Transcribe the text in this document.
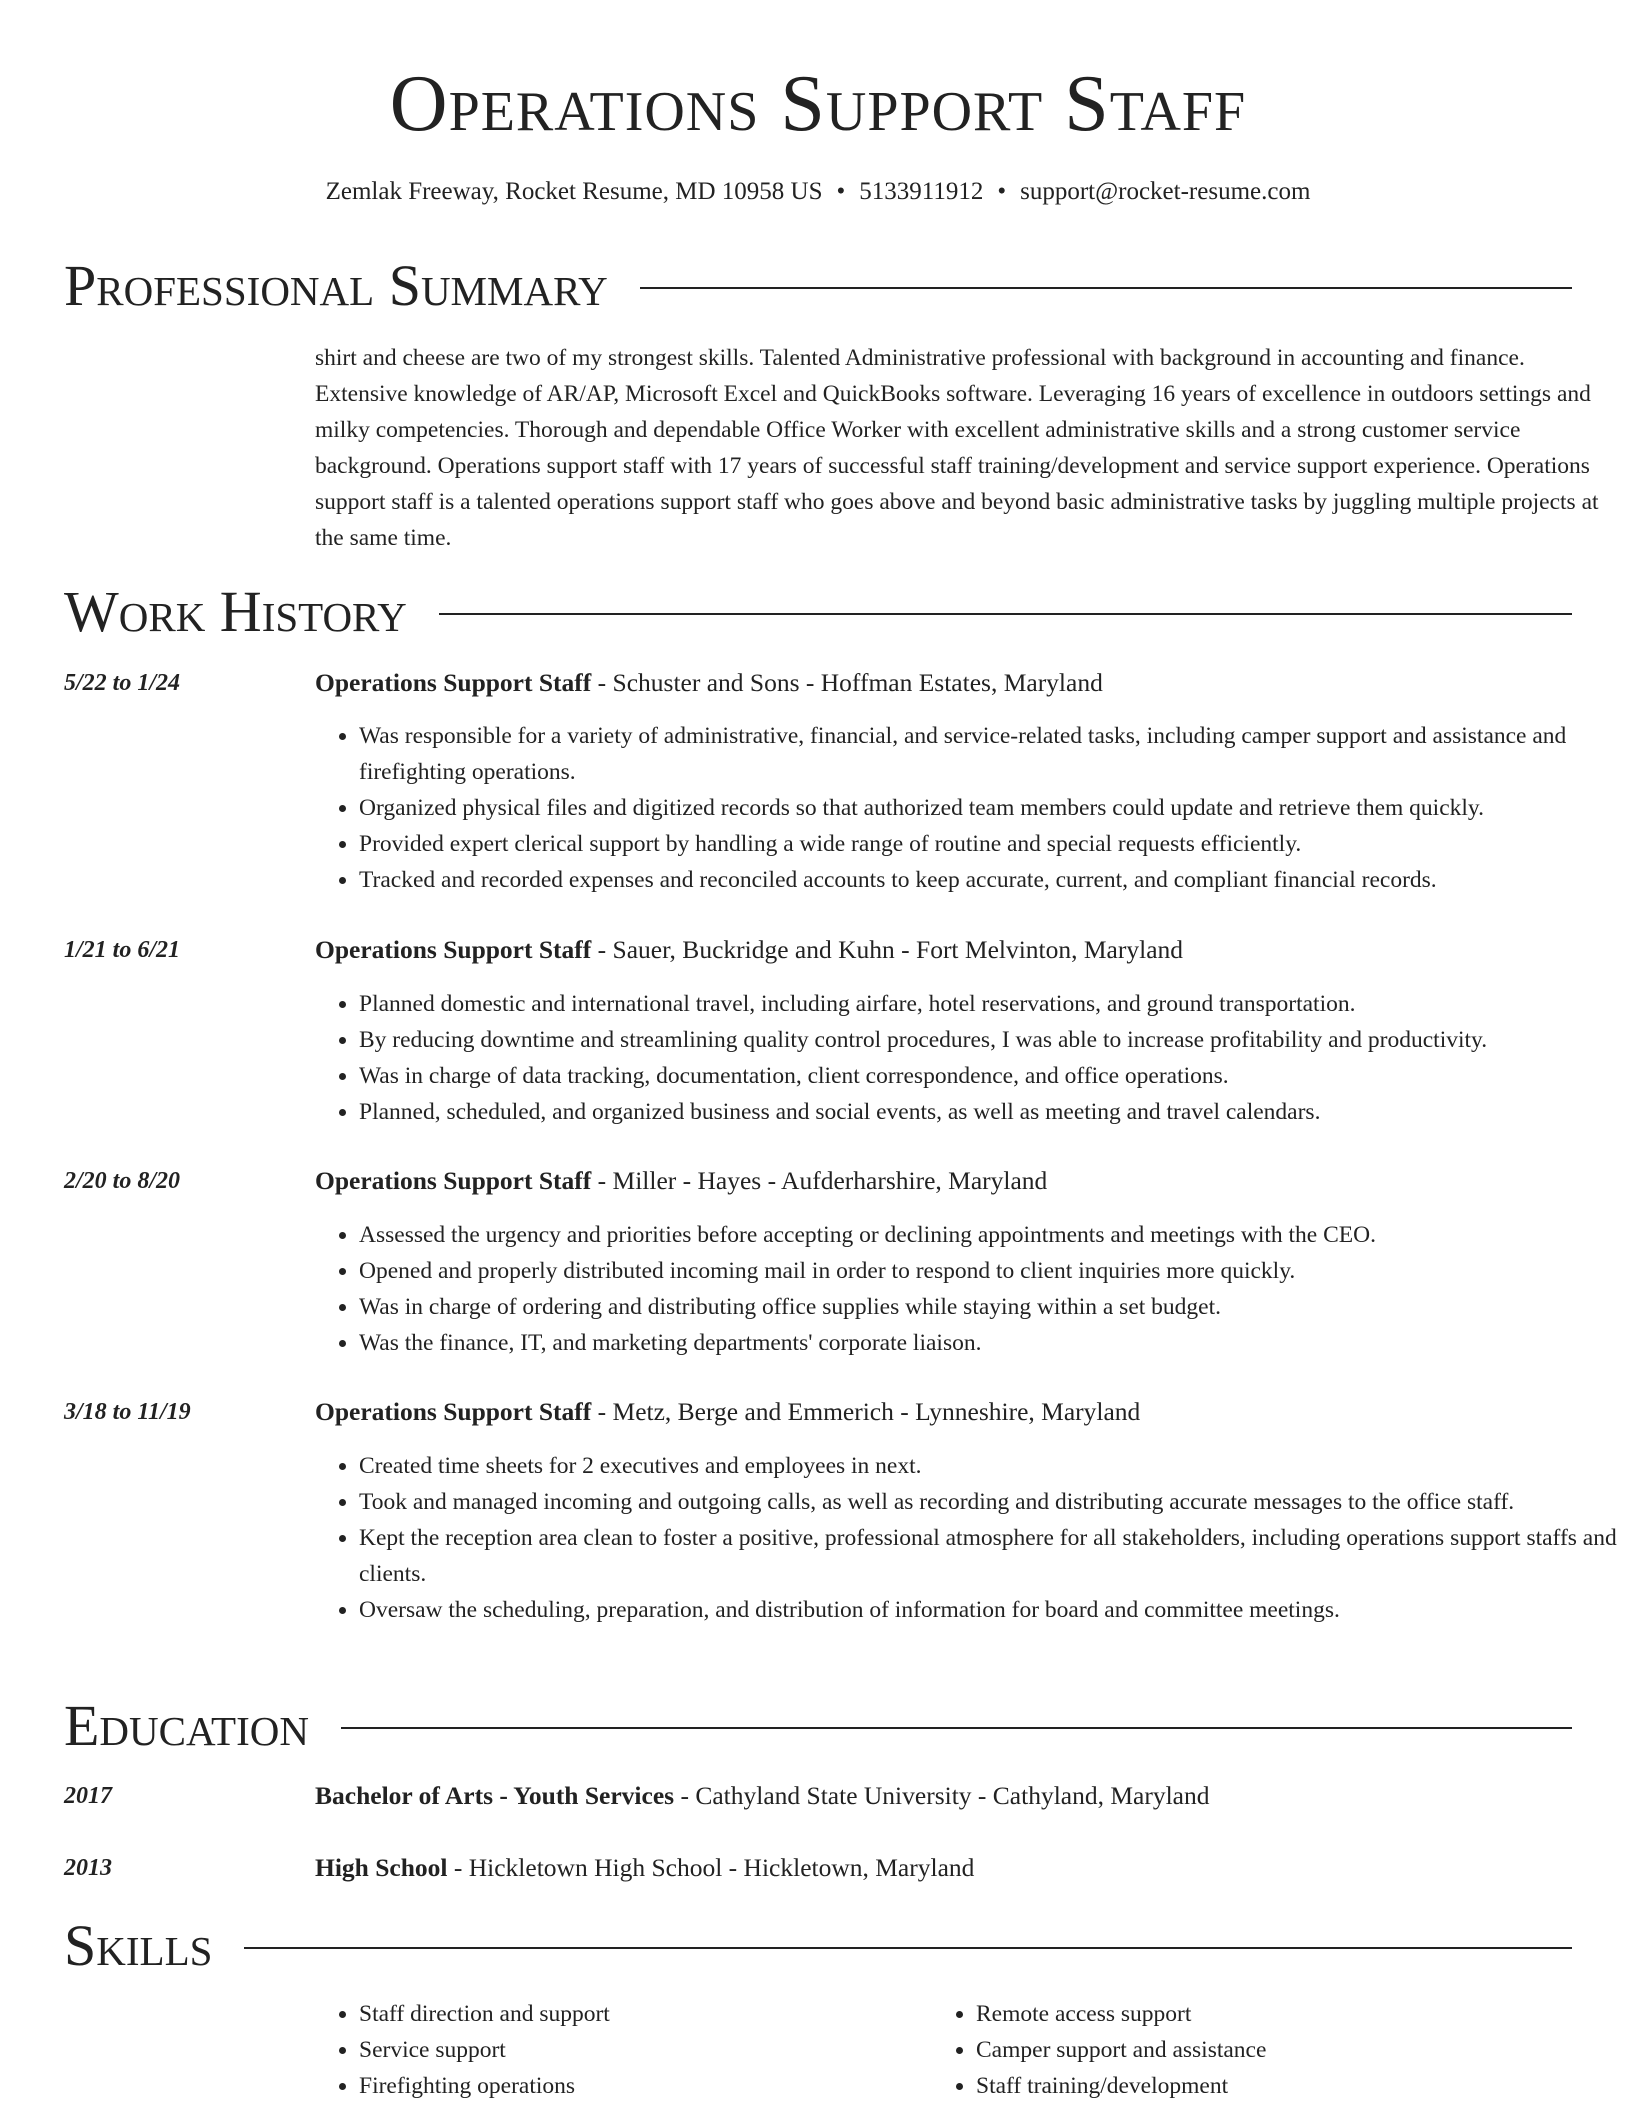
Operations Support Staff
Zemlak Freeway, Rocket Resume, MD 10958 US • 5133911912 • support@rocket-resume.com
Professional Summary

shirt and cheese are two of my strongest skills. Talented Administrative professional with background in accounting and finance. Extensive knowledge of AR/AP, Microsoft Excel and QuickBooks software. Leveraging 16 years of excellence in outdoors settings and milky competencies. Thorough and dependable Office Worker with excellent administrative skills and a strong customer service background. Operations support staff with 17 years of successful staff training/development and service support experience. Operations support staff is a talented operations support staff who goes above and beyond basic administrative tasks by juggling multiple projects at the same time.

Work History
5/22 to 1/24	Operations Support Staff - Schuster and Sons - Hoffman Estates, Maryland
• Was responsible for a variety of administrative, financial, and service-related tasks, including camper support and assistance and firefighting operations.
• Organized physical files and digitized records so that authorized team members could update and retrieve them quickly.
• Provided expert clerical support by handling a wide range of routine and special requests efficiently.
• Tracked and recorded expenses and reconciled accounts to keep accurate, current, and compliant financial records.
1/21 to 6/21	Operations Support Staff - Sauer, Buckridge and Kuhn - Fort Melvinton, Maryland
• Planned domestic and international travel, including airfare, hotel reservations, and ground transportation.
• By reducing downtime and streamlining quality control procedures, I was able to increase profitability and productivity.
• Was in charge of data tracking, documentation, client correspondence, and office operations.
• Planned, scheduled, and organized business and social events, as well as meeting and travel calendars.
2/20 to 8/20	Operations Support Staff - Miller - Hayes - Aufderharshire, Maryland
• Assessed the urgency and priorities before accepting or declining appointments and meetings with the CEO.
• Opened and properly distributed incoming mail in order to respond to client inquiries more quickly.
• Was in charge of ordering and distributing office supplies while staying within a set budget.
• Was the finance, IT, and marketing departments' corporate liaison.
3/18 to 11/19	Operations Support Staff - Metz, Berge and Emmerich - Lynneshire, Maryland
• Created time sheets for 2 executives and employees in next.
• Took and managed incoming and outgoing calls, as well as recording and distributing accurate messages to the office staff.
• Kept the reception area clean to foster a positive, professional atmosphere for all stakeholders, including operations support staffs and clients.
• Oversaw the scheduling, preparation, and distribution of information for board and committee meetings.
Education
2017	Bachelor of Arts - Youth Services - Cathyland State University - Cathyland, Maryland
2013	High School - Hickletown High School - Hickletown, Maryland
Skills
• Staff direction and support
• Service support
• Firefighting operations
• Remote access support
• Camper support and assistance
• Staff training/development
